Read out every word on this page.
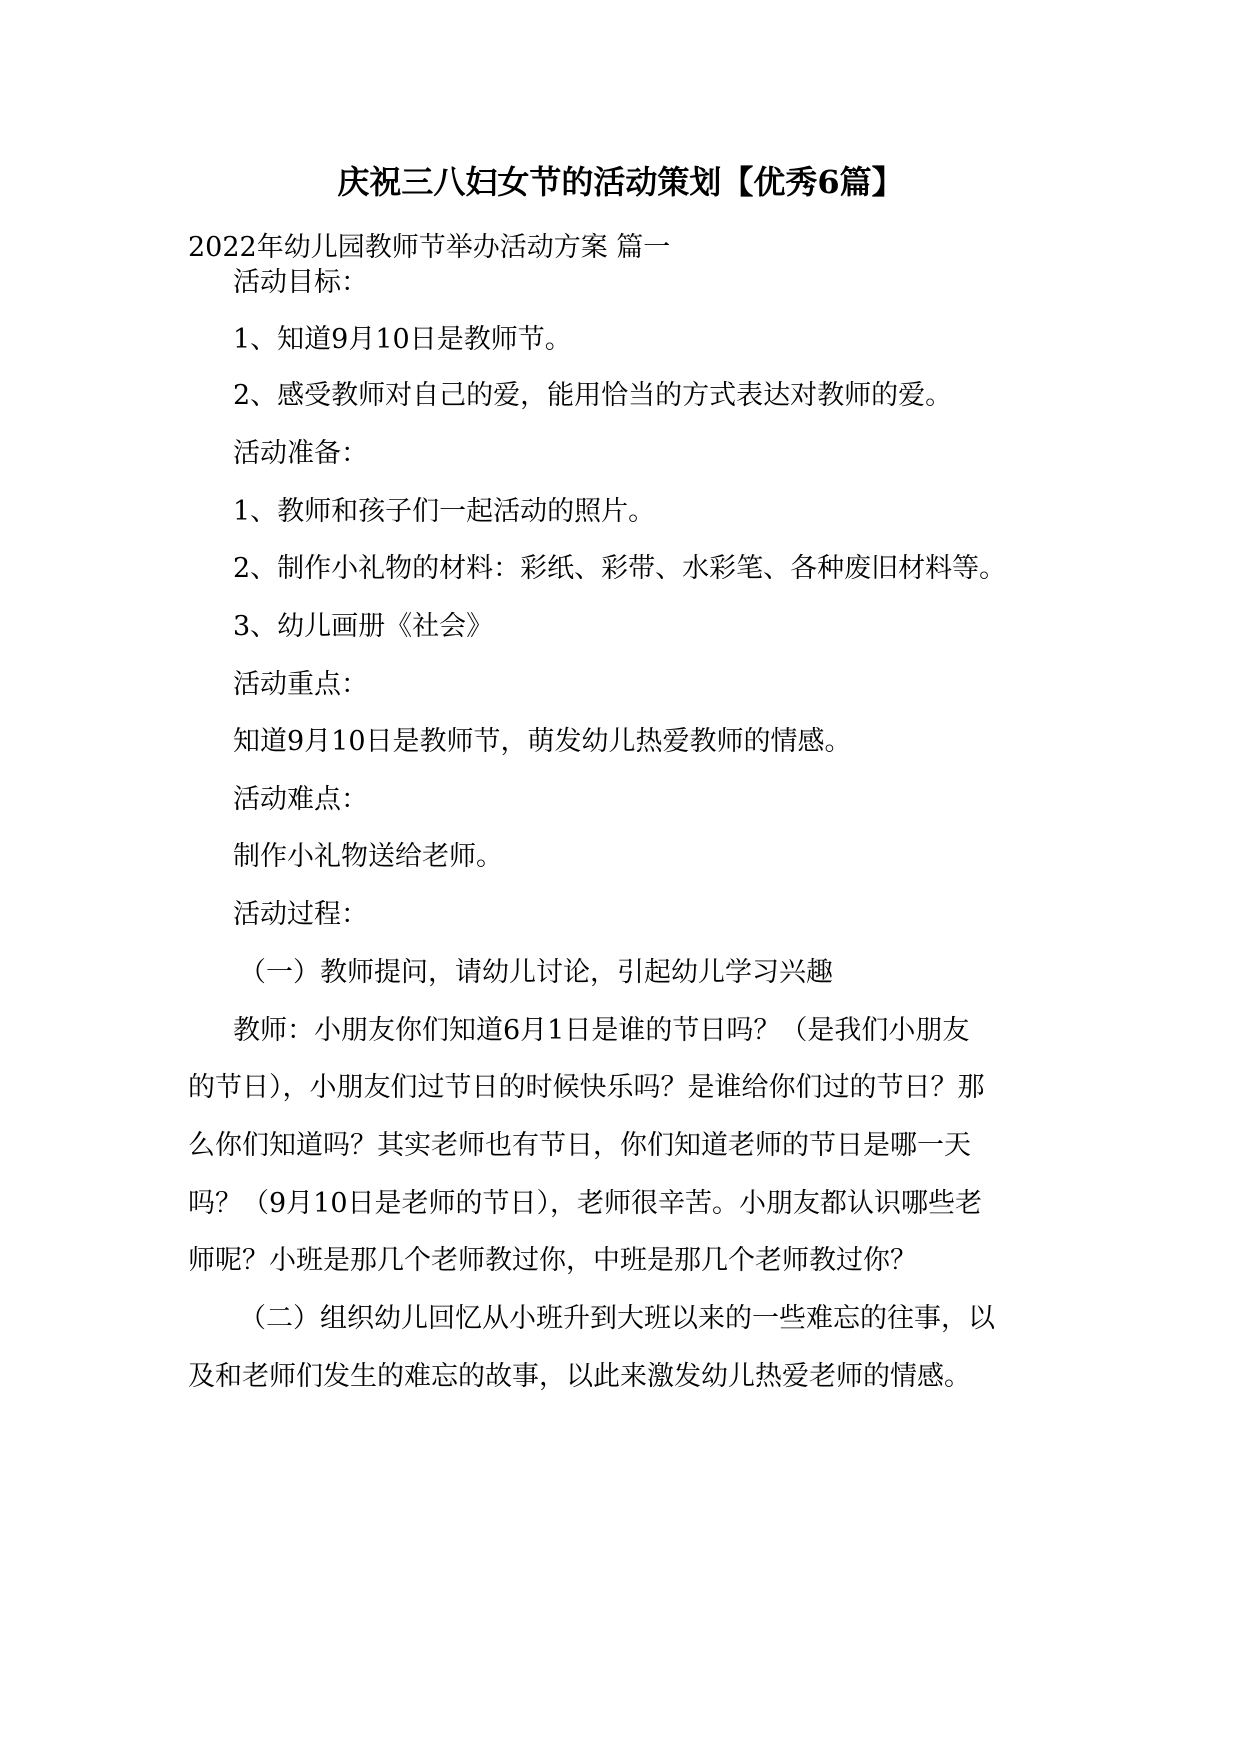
庆祝三八妇女节的活动策划【优秀6篇】

2022年幼儿园教师节举办活动方案 篇一

活动目标：

1、知道9月10日是教师节。

2、感受教师对自己的爱，能用恰当的方式表达对教师的爱。

活动准备：

1、教师和孩子们一起活动的照片。

2、制作小礼物的材料：彩纸、彩带、水彩笔、各种废旧材料等。

3、幼儿画册《社会》

活动重点：

知道9月10日是教师节，萌发幼儿热爱教师的情感。

活动难点：

制作小礼物送给老师。

活动过程：

（一）教师提问，请幼儿讨论，引起幼儿学习兴趣

教师：小朋友你们知道6月1日是谁的节日吗？（是我们小朋友

的节日），小朋友们过节日的时候快乐吗？是谁给你们过的节日？那

么你们知道吗？其实老师也有节日，你们知道老师的节日是哪一天

吗？（9月10日是老师的节日），老师很辛苦。小朋友都认识哪些老

师呢？小班是那几个老师教过你，中班是那几个老师教过你？

（二）组织幼儿回忆从小班升到大班以来的一些难忘的往事，以

及和老师们发生的难忘的故事，以此来激发幼儿热爱老师的情感。
